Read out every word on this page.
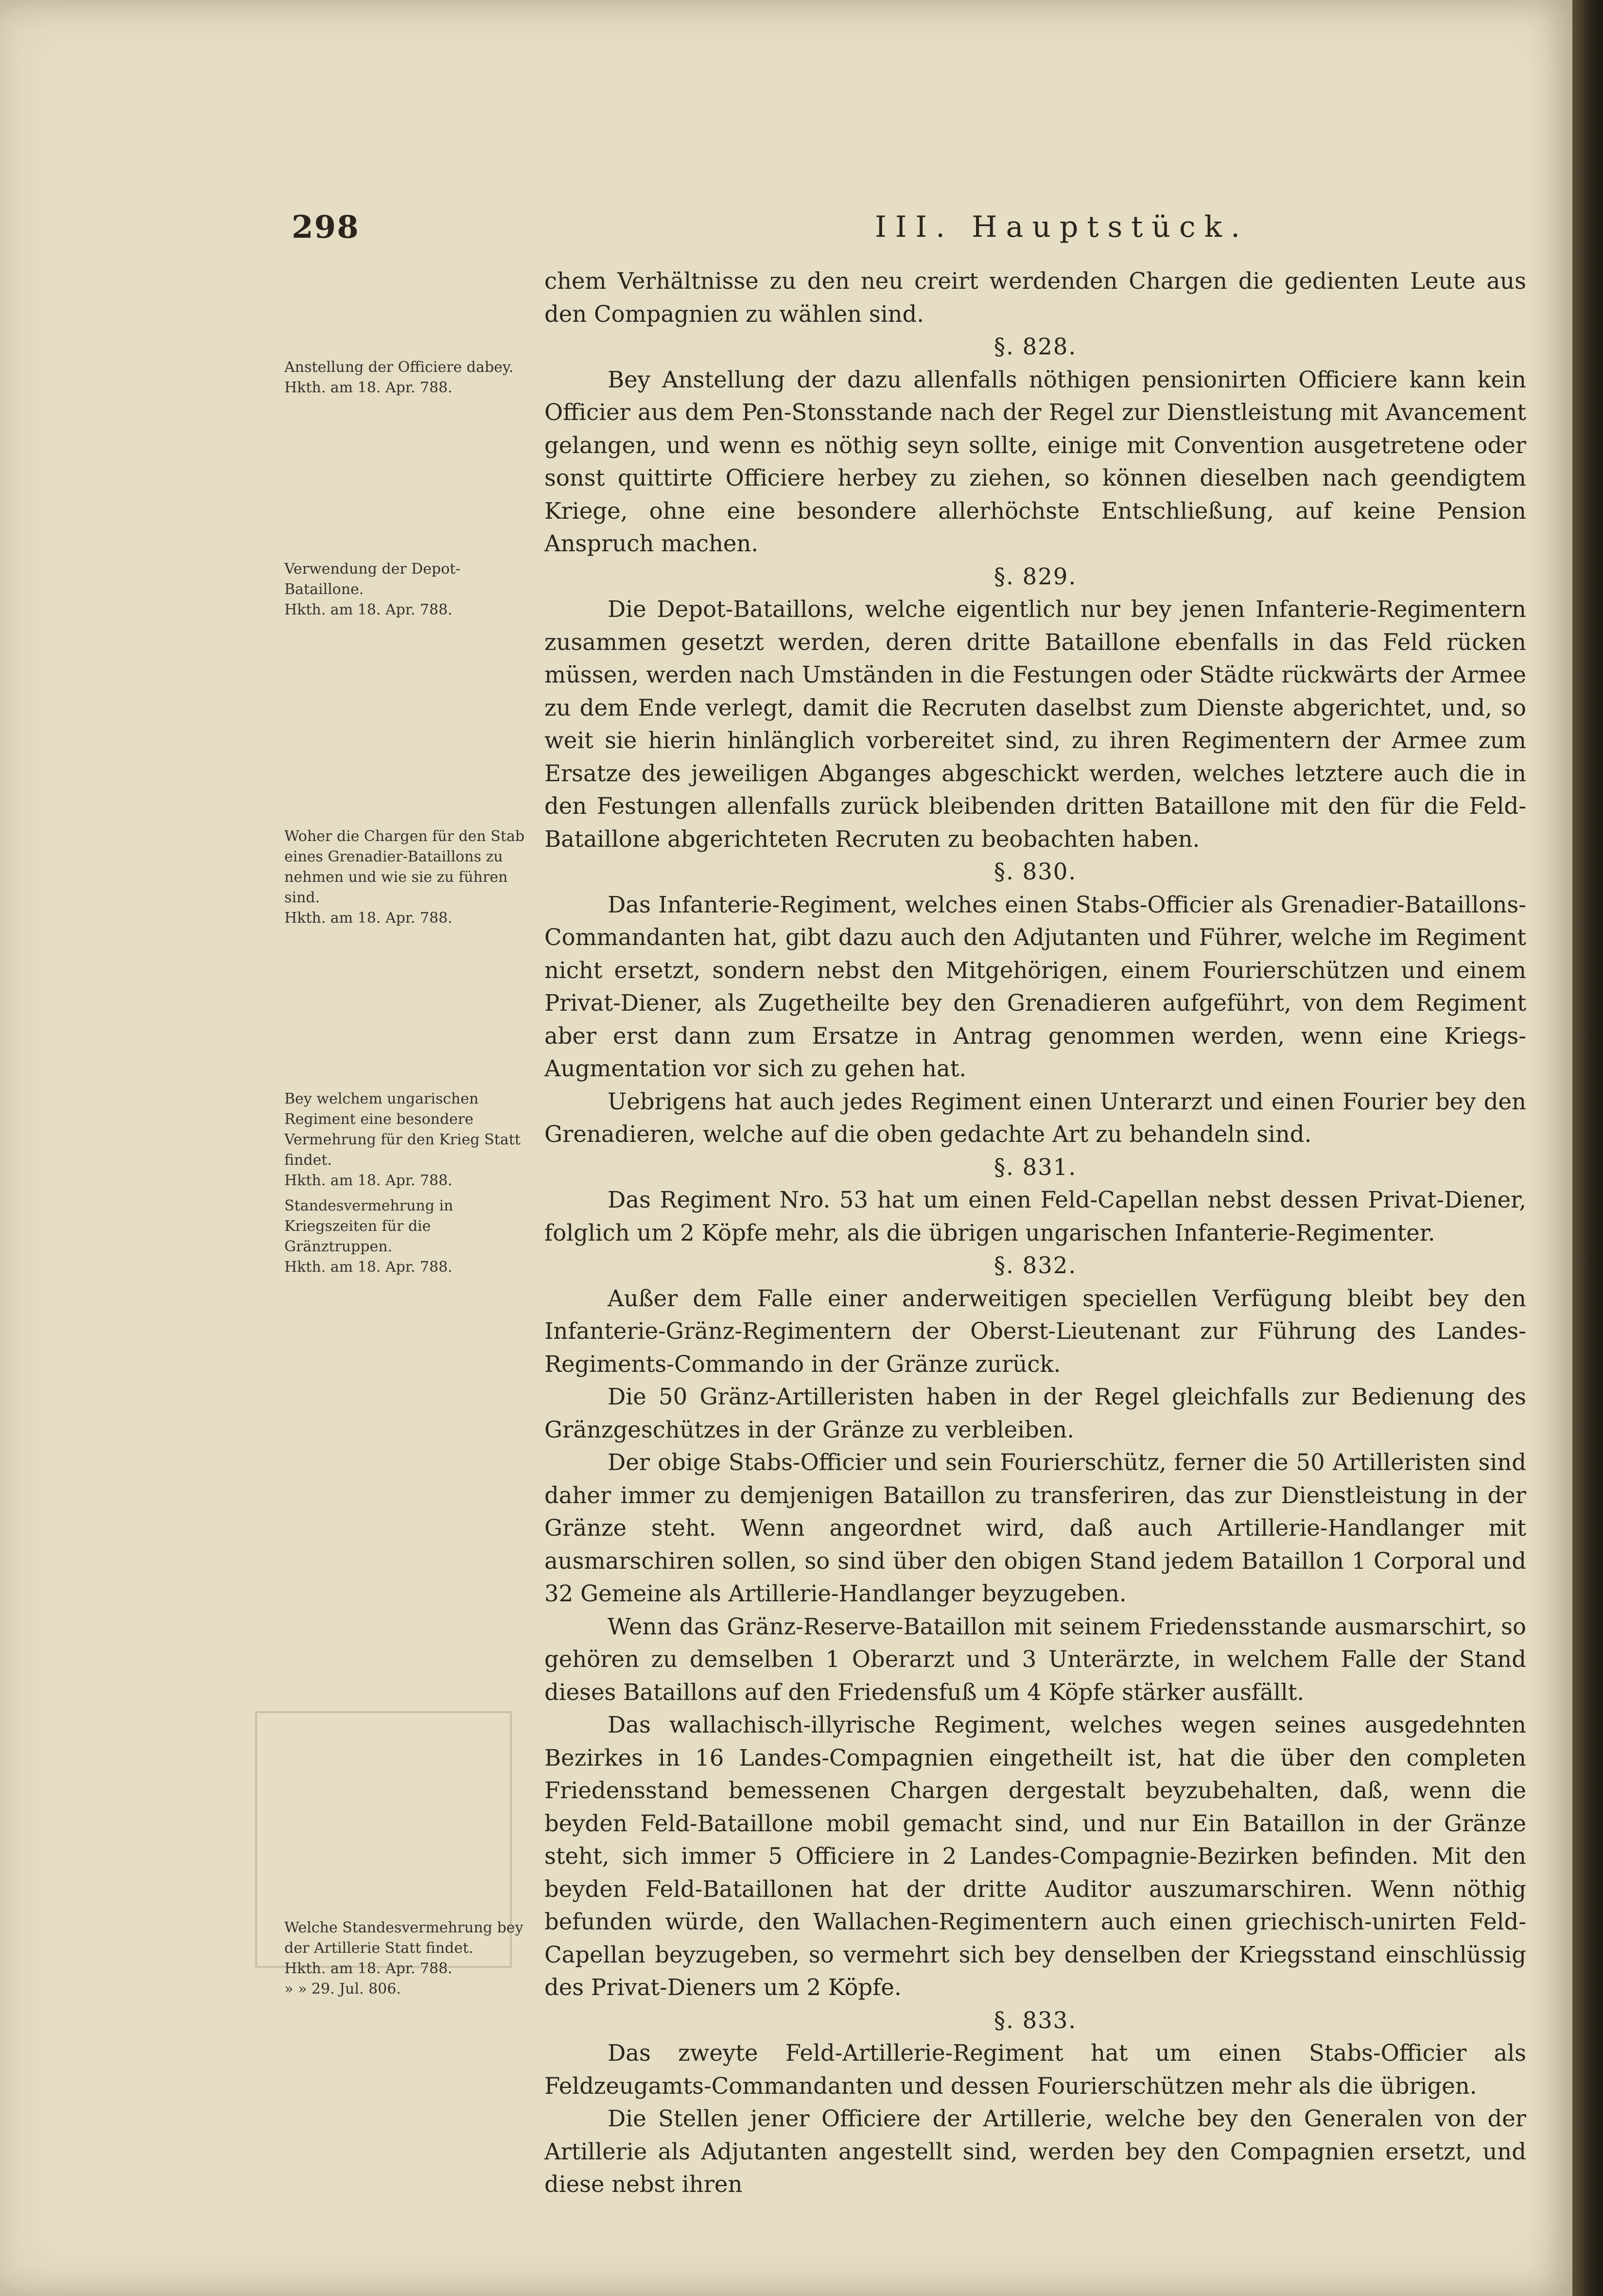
298	III. Hauptstück.

chem Verhältnisse zu den neu creirt werdenden Chargen die gedienten Leute aus den Compagnien zu wählen sind.

§. 828.

Bey Anstellung der dazu allenfalls nöthigen pensionirten Officiere kann kein Officier aus dem Pen-Stonsstande nach der Regel zur Dienstleistung mit Avancement gelangen, und wenn es nöthig seyn sollte, einige mit Convention ausgetretene oder sonst quittirte Officiere herbey zu ziehen, so können dieselben nach geendigtem Kriege, ohne eine besondere allerhöchste Entschließung, auf keine Pension Anspruch machen.

§. 829.

Die Depot-Bataillons, welche eigentlich nur bey jenen Infanterie-Regimentern zusammen gesetzt werden, deren dritte Bataillone ebenfalls in das Feld rücken müssen, werden nach Umständen in die Festungen oder Städte rückwärts der Armee zu dem Ende verlegt, damit die Recruten daselbst zum Dienste abgerichtet, und, so weit sie hierin hinlänglich vorbereitet sind, zu ihren Regimentern der Armee zum Ersatze des jeweiligen Abganges abgeschickt werden, welches letztere auch die in den Festungen allenfalls zurück bleibenden dritten Bataillone mit den für die Feld-Bataillone abgerichteten Recruten zu beobachten haben.

§. 830.

Das Infanterie-Regiment, welches einen Stabs-Officier als Grenadier-Bataillons-Commandanten hat, gibt dazu auch den Adjutanten und Führer, welche im Regiment nicht ersetzt, sondern nebst den Mitgehörigen, einem Fourierschützen und einem Privat-Diener, als Zugetheilte bey den Grenadieren aufgeführt, von dem Regiment aber erst dann zum Ersatze in Antrag genommen werden, wenn eine Kriegs-Augmentation vor sich zu gehen hat.

Uebrigens hat auch jedes Regiment einen Unterarzt und einen Fourier bey den Grenadieren, welche auf die oben gedachte Art zu behandeln sind.

§. 831.

Das Regiment Nro. 53 hat um einen Feld-Capellan nebst dessen Privat-Diener, folglich um 2 Köpfe mehr, als die übrigen ungarischen Infanterie-Regimenter.

§. 832.

Außer dem Falle einer anderweitigen speciellen Verfügung bleibt bey den Infanterie-Gränz-Regimentern der Oberst-Lieutenant zur Führung des Landes-Regiments-Commando in der Gränze zurück.

Die 50 Gränz-Artilleristen haben in der Regel gleichfalls zur Bedienung des Gränzgeschützes in der Gränze zu verbleiben.

Der obige Stabs-Officier und sein Fourierschütz, ferner die 50 Artilleristen sind daher immer zu demjenigen Bataillon zu transferiren, das zur Dienstleistung in der Gränze steht. Wenn angeordnet wird, daß auch Artillerie-Handlanger mit ausmarschiren sollen, so sind über den obigen Stand jedem Bataillon 1 Corporal und 32 Gemeine als Artillerie-Handlanger beyzugeben.

Wenn das Gränz-Reserve-Bataillon mit seinem Friedensstande ausmarschirt, so gehören zu demselben 1 Oberarzt und 3 Unterärzte, in welchem Falle der Stand dieses Bataillons auf den Friedensfuß um 4 Köpfe stärker ausfällt.

Das wallachisch-illyrische Regiment, welches wegen seines ausgedehnten Bezirkes in 16 Landes-Compagnien eingetheilt ist, hat die über den completen Friedensstand bemessenen Chargen dergestalt beyzubehalten, daß, wenn die beyden Feld-Bataillone mobil gemacht sind, und nur Ein Bataillon in der Gränze steht, sich immer 5 Officiere in 2 Landes-Compagnie-Bezirken befinden. Mit den beyden Feld-Bataillonen hat der dritte Auditor auszumarschiren. Wenn nöthig befunden würde, den Wallachen-Regimentern auch einen griechisch-unirten Feld-Capellan beyzugeben, so vermehrt sich bey denselben der Kriegsstand einschlüssig des Privat-Dieners um 2 Köpfe.

§. 833.

Das zweyte Feld-Artillerie-Regiment hat um einen Stabs-Officier als Feldzeugamts-Commandanten und dessen Fourierschützen mehr als die übrigen.

Die Stellen jener Officiere der Artillerie, welche bey den Generalen von der Artillerie als Adjutanten angestellt sind, werden bey den Compagnien ersetzt, und diese nebst ihren

Anstellung der Officiere dabey.
Hkth. am 18. Apr. 788.
Verwendung der Depot-Bataillone.
Hkth. am 18. Apr. 788.
Woher die Chargen für den Stab eines Grenadier-Bataillons zu nehmen und wie sie zu führen sind.
Hkth. am 18. Apr. 788.
Bey welchem ungarischen Regiment eine besondere Vermehrung für den Krieg Statt findet.
Hkth. am 18. Apr. 788.
Standesvermehrung in Kriegszeiten für die Gränztruppen.
Hkth. am 18. Apr. 788.
Welche Standesvermehrung bey der Artillerie Statt findet.
Hkth. am 18. Apr. 788.
» » 29. Jul. 806.
